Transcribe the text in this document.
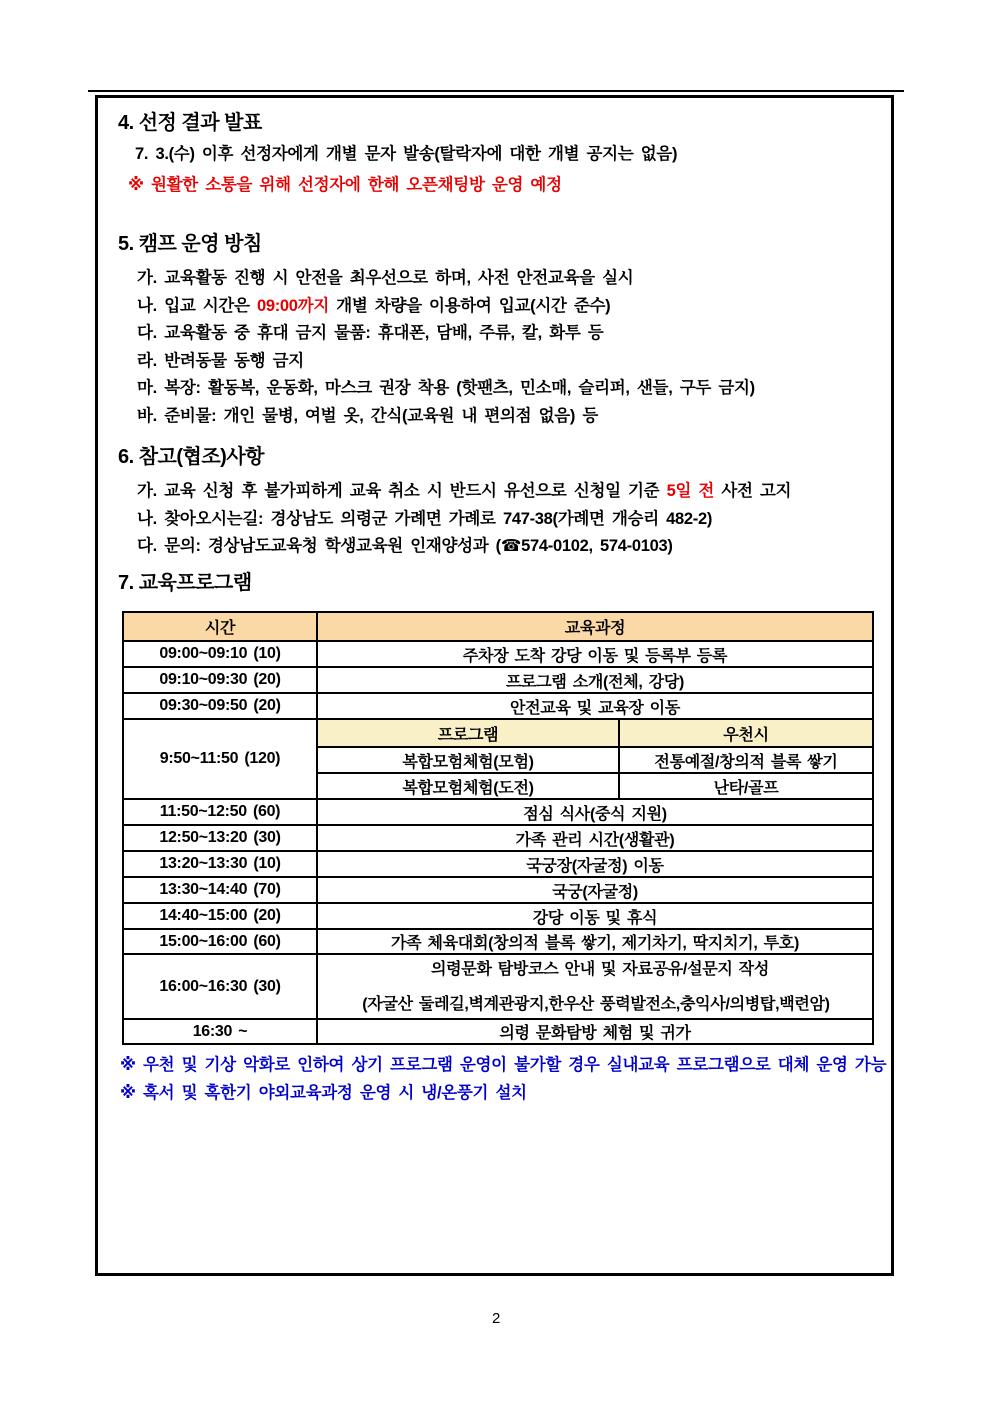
4. 선정 결과 발표
7. 3.(수) 이후 선정자에게 개별 문자 발송(탈락자에 대한 개별 공지는 없음)
※ 원활한 소통을 위해 선정자에 한해 오픈채팅방 운영 예정
5. 캠프 운영 방침
가. 교육활동 진행 시 안전을 최우선으로 하며, 사전 안전교육을 실시
나. 입교 시간은 09:00까지 개별 차량을 이용하여 입교(시간 준수)
다. 교육활동 중 휴대 금지 물품: 휴대폰, 담배, 주류, 칼, 화투 등
라. 반려동물 동행 금지
마. 복장: 활동복, 운동화, 마스크 권장 착용 (핫팬츠, 민소매, 슬리퍼, 샌들, 구두 금지)
바. 준비물: 개인 물병, 여벌 옷, 간식(교육원 내 편의점 없음) 등
6. 참고(협조)사항
가. 교육 신청 후 불가피하게 교육 취소 시 반드시 유선으로 신청일 기준 5일 전 사전 고지
나. 찾아오시는길: 경상남도 의령군 가례면 가례로 747-38(가례면 개승리 482-2)
다. 문의: 경상남도교육청 학생교육원 인재양성과 (☎574-0102, 574-0103)
7. 교육프로그램
시간	교육과정	
09:00~09:10 (10)	주차장 도착 강당 이동 및 등록부 등록	
09:10~09:30 (20)	프로그램 소개(전체, 강당)	
09:30~09:50 (20)	안전교육 및 교육장 이동	
9:50~11:50 (120)	프로그램	우천시
	복합모험체험(모험)	전통예절/창의적 블록 쌓기
	복합모험체험(도전)	난타/골프
11:50~12:50 (60)	점심 식사(중식 지원)	
12:50~13:20 (30)	가족 관리 시간(생활관)	
13:20~13:30 (10)	국궁장(자굴정) 이동	
13:30~14:40 (70)	국궁(자굴정)	
14:40~15:00 (20)	강당 이동 및 휴식	
15:00~16:00 (60)	가족 체육대회(창의적 블록 쌓기, 제기차기, 딱지치기, 투호)	
16:00~16:30 (30)	의령문화 탐방코스 안내 및 자료공유/설문지 작성
(자굴산 둘레길,벽계관광지,한우산 풍력발전소,충익사/의병탑,백련암)	

16:30 ~	의령 문화탐방 체험 및 귀가	
※ 우천 및 기상 악화로 인하여 상기 프로그램 운영이 불가할 경우 실내교육 프로그램으로 대체 운영 가능
※ 혹서 및 혹한기 야외교육과정 운영 시 냉/온풍기 설치
2
